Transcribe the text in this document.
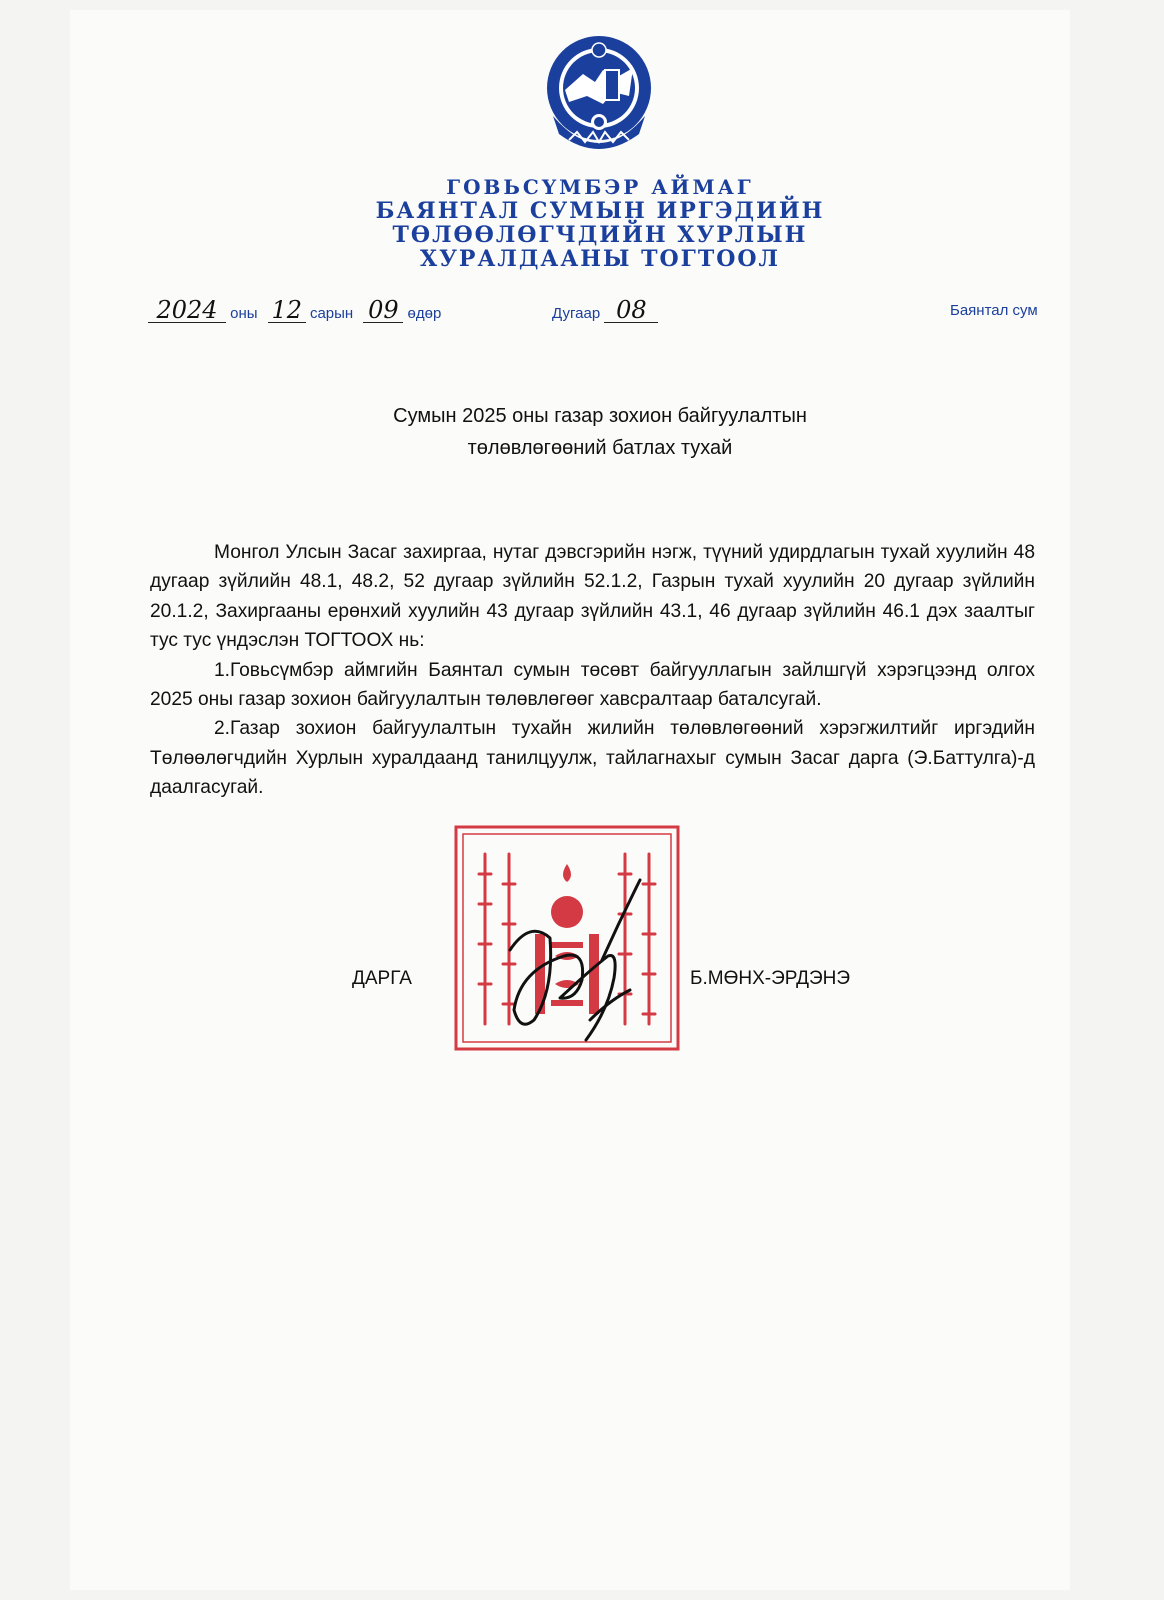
ГОВЬСҮМБЭР АЙМАГ
БАЯНТАЛ СУМЫН ИРГЭДИЙН
ТӨЛӨӨЛӨГЧДИЙН ХУРЛЫН
ХУРАЛДААНЫ ТОГТООЛ
2024 оны 12 сарын 09 өдөр	Дугаар 08	Баянтал сум
Сумын 2025 оны газар зохион байгуулалтын
төлөвлөгөөний батлах тухай

Монгол Улсын Засаг захиргаа, нутаг дэвсгэрийн нэгж, түүний удирдлагын тухай хуулийн 48 дугаар зүйлийн 48.1, 48.2, 52 дугаар зүйлийн 52.1.2, Газрын тухай хуулийн 20 дугаар зүйлийн 20.1.2, Захиргааны ерөнхий хуулийн 43 дугаар зүйлийн 43.1, 46 дугаар зүйлийн 46.1 дэх заалтыг тус тус үндэслэн ТОГТООХ нь:

1.Говьсүмбэр аймгийн Баянтал сумын төсөвт байгууллагын зайлшгүй хэрэгцээнд олгох 2025 оны газар зохион байгуулалтын төлөвлөгөөг хавсралтаар баталсугай.

2.Газар зохион байгуулалтын тухайн жилийн төлөвлөгөөний хэрэгжилтийг иргэдийн Төлөөлөгчдийн Хурлын хуралдаанд танилцуулж, тайлагнахыг сумын Засаг дарга (Э.Баттулга)-д даалгасугай.

ДАРГА	Б.МӨНХ-ЭРДЭНЭ
